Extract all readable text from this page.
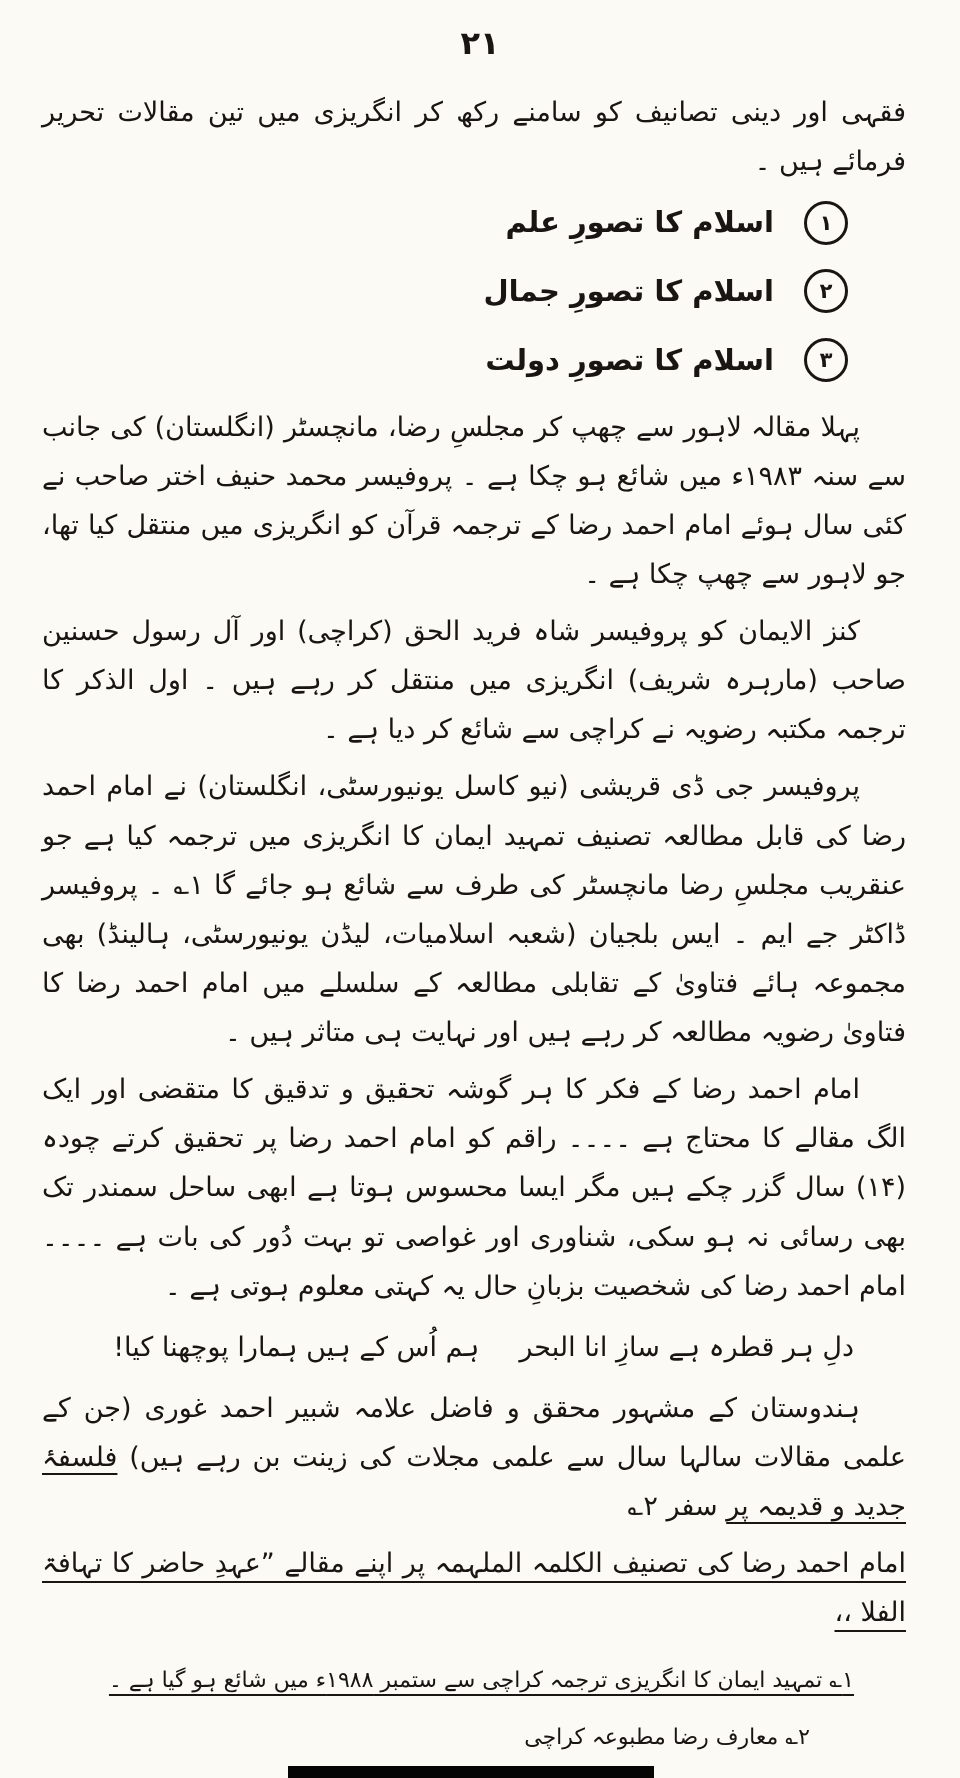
۲۱

فقہی اور دینی تصانیف کو سامنے رکھ کر انگریزی میں تین مقالات تحریر فرمائے ہیں ۔

۱
اسلام کا تصورِ علم
۲
اسلام کا تصورِ جمال
۳
اسلام کا تصورِ دولت

پہلا مقالہ لاہور سے چھپ کر مجلسِ رضا، مانچسٹر (انگلستان) کی جانب سے سنہ ۱۹۸۳ء میں شائع ہو چکا ہے ۔ پروفیسر محمد حنیف اختر صاحب نے کئی سال ہوئے امام احمد رضا کے ترجمہ قرآن کو انگریزی میں منتقل کیا تھا، جو لاہور سے چھپ چکا ہے ۔

کنز الایمان کو پروفیسر شاہ فرید الحق (کراچی) اور آل رسول حسنین صاحب (مارہرہ شریف) انگریزی میں منتقل کر رہے ہیں ۔ اول الذکر کا ترجمہ مکتبہ رضویہ نے کراچی سے شائع کر دیا ہے ۔

پروفیسر جی ڈی قریشی (نیو کاسل یونیورسٹی، انگلستان) نے امام احمد رضا کی قابل مطالعہ تصنیف تمہید ایمان کا انگریزی میں ترجمہ کیا ہے جو عنقریب مجلسِ رضا مانچسٹر کی طرف سے شائع ہو جائے گا ۱؎ ۔ پروفیسر ڈاکٹر جے ایم ۔ ایس بلجیان (شعبہ اسلامیات، لیڈن یونیورسٹی، ہالینڈ) بھی مجموعہ ہائے فتاویٰ کے تقابلی مطالعہ کے سلسلے میں امام احمد رضا کا فتاویٰ رضویہ مطالعہ کر رہے ہیں اور نہایت ہی متاثر ہیں ۔

امام احمد رضا کے فکر کا ہر گوشہ تحقیق و تدقیق کا متقضی اور ایک الگ مقالے کا محتاج ہے ۔۔۔۔ راقم کو امام احمد رضا پر تحقیق کرتے چودہ (۱۴) سال گزر چکے ہیں مگر ایسا محسوس ہوتا ہے ابھی ساحل سمندر تک بھی رسائی نہ ہو سکی، شناوری اور غواصی تو بہت دُور کی بات ہے ۔۔۔۔ امام احمد رضا کی شخصیت بزبانِ حال یہ کہتی معلوم ہوتی ہے ۔

دلِ ہر قطرہ ہے سازِ انا البحر
ہم اُس کے ہیں ہمارا پوچھنا کیا!

ہندوستان کے مشہور محقق و فاضل علامہ شبیر احمد غوری (جن کے علمی مقالات سالہا سال سے علمی مجلات کی زینت بن رہے ہیں) فلسفۂ جدید و قدیمہ پر سفر ۲؎

امام احمد رضا کی تصنیف الکلمہ الملہمہ پر اپنے مقالے ”عہدِ حاضر کا تہافۃ الفلا ،،

۱؎ تمہید ایمان کا انگریزی ترجمہ کراچی سے ستمبر ۱۹۸۸ء میں شائع ہو گیا ہے ۔
۲؎ معارف رضا مطبوعہ کراچی
